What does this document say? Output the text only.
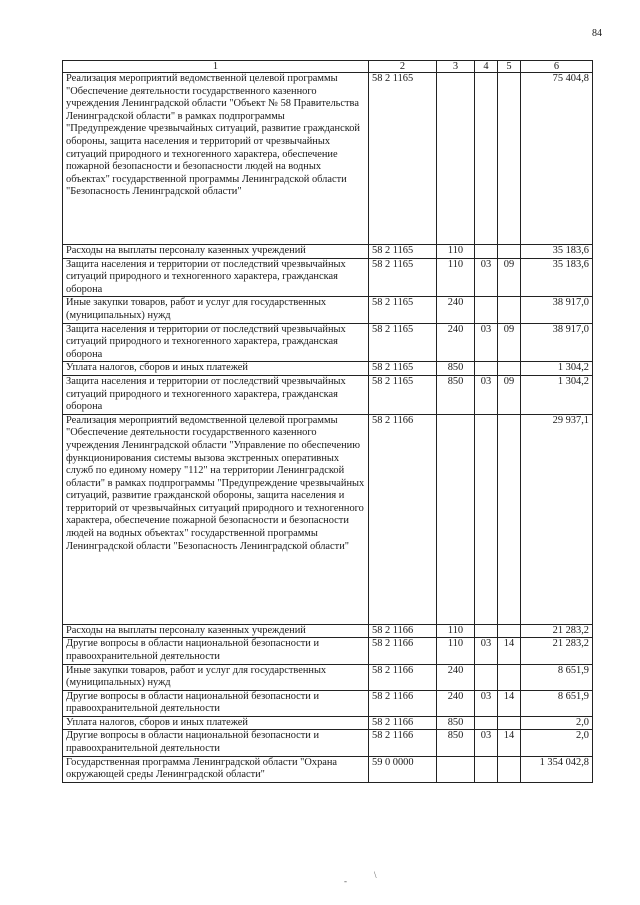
84
1	2	3	4	5	6
Реализация мероприятий ведомственной целевой программы "Обеспечение деятельности государственного казенного учреждения Ленинградской области "Объект № 58 Правительства Ленинградской области" в рамках подпрограммы "Предупреждение чрезвычайных ситуаций, развитие гражданской обороны, защита населения и территорий от чрезвычайных ситуаций природного и техногенного характера, обеспечение пожарной безопасности и безопасности людей на водных объектах" государственной программы Ленинградской области "Безопасность Ленинградской области"	58 2 1165				75 404,8
Расходы на выплаты персоналу казенных учреждений	58 2 1165	110			35 183,6
Защита населения и территории от последствий чрезвычайных ситуаций природного и техногенного характера, гражданская оборона	58 2 1165	110	03	09	35 183,6
Иные закупки товаров, работ и услуг для государственных (муниципальных) нужд	58 2 1165	240			38 917,0
Защита населения и территории от последствий чрезвычайных ситуаций природного и техногенного характера, гражданская оборона	58 2 1165	240	03	09	38 917,0
Уплата налогов, сборов и иных платежей	58 2 1165	850			1 304,2
Защита населения и территории от последствий чрезвычайных ситуаций природного и техногенного характера, гражданская оборона	58 2 1165	850	03	09	1 304,2
Реализация мероприятий ведомственной целевой программы "Обеспечение деятельности государственного казенного учреждения Ленинградской области "Управление по обеспечению функционирования системы вызова экстренных оперативных служб по единому номеру "112" на территории Ленинградской области" в рамках подпрограммы "Предупреждение чрезвычайных ситуаций, развитие гражданской обороны, защита населения и территорий от чрезвычайных ситуаций природного и техногенного характера, обеспечение пожарной безопасности и безопасности людей на водных объектах" государственной программы Ленинградской области "Безопасность Ленинградской области"	58 2 1166				29 937,1
Расходы на выплаты персоналу казенных учреждений	58 2 1166	110			21 283,2
Другие вопросы в области национальной безопасности и правоохранительной деятельности	58 2 1166	110	03	14	21 283,2
Иные закупки товаров, работ и услуг для государственных (муниципальных) нужд	58 2 1166	240			8 651,9
Другие вопросы в области национальной безопасности и правоохранительной деятельности	58 2 1166	240	03	14	8 651,9
Уплата налогов, сборов и иных платежей	58 2 1166	850			2,0
Другие вопросы в области национальной безопасности и правоохранительной деятельности	58 2 1166	850	03	14	2,0
Государственная программа Ленинградской области "Охрана окружающей среды Ленинградской области"	59 0 0000				1 354 042,8
-
\
